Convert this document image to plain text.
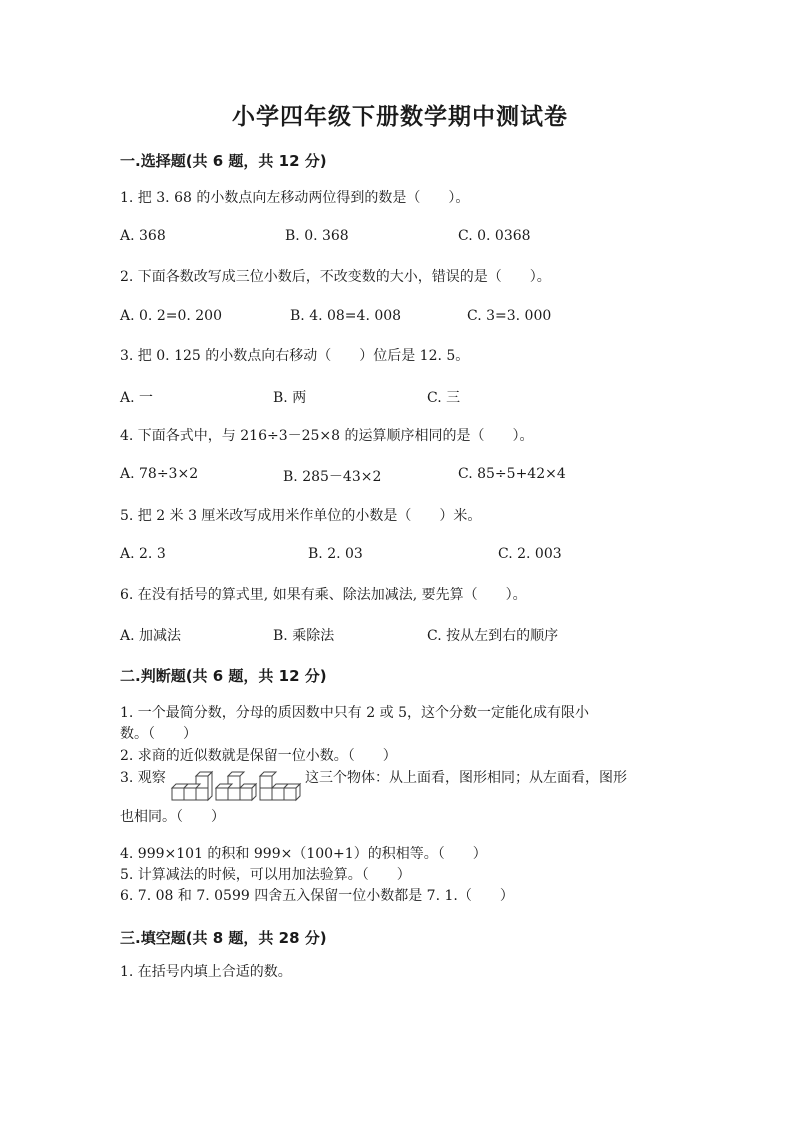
小学四年级下册数学期中测试卷
一.选择题(共 6 题，共 12 分)
1. 把 3. 68 的小数点向左移动两位得到的数是（　　）。
A. 368	B. 0. 368	C. 0. 0368
2. 下面各数改写成三位小数后，不改变数的大小，错误的是（　　）。
A. 0. 2=0. 200	B. 4. 08=4. 008	C. 3=3. 000
3. 把 0. 125 的小数点向右移动（　　）位后是 12. 5。
A. 一	B. 两	C. 三
4. 下面各式中，与 216÷3－25×8 的运算顺序相同的是（　　）。
A. 78÷3×2	B. 285－43×2	C. 85÷5+42×4
5. 把 2 米 3 厘米改写成用米作单位的小数是（　　）米。
A. 2. 3	B. 2. 03	C. 2. 003
6. 在没有括号的算式里, 如果有乘、除法加减法, 要先算（　　）。
A. 加减法	B. 乘除法	C. 按从左到右的顺序
二.判断题(共 6 题，共 12 分)
1. 一个最简分数，分母的质因数中只有 2 或 5，这个分数一定能化成有限小
数。（　　）
2. 求商的近似数就是保留一位小数。（　　）
3. 观察	这三个物体：从上面看，图形相同；从左面看，图形
也相同。（　　）
4. 999×101 的积和 999×（100+1）的积相等。（　　）
5. 计算减法的时候，可以用加法验算。（　　）
6. 7. 08 和 7. 0599 四舍五入保留一位小数都是 7. 1.（　　）
三.填空题(共 8 题，共 28 分)
1. 在括号内填上合适的数。
